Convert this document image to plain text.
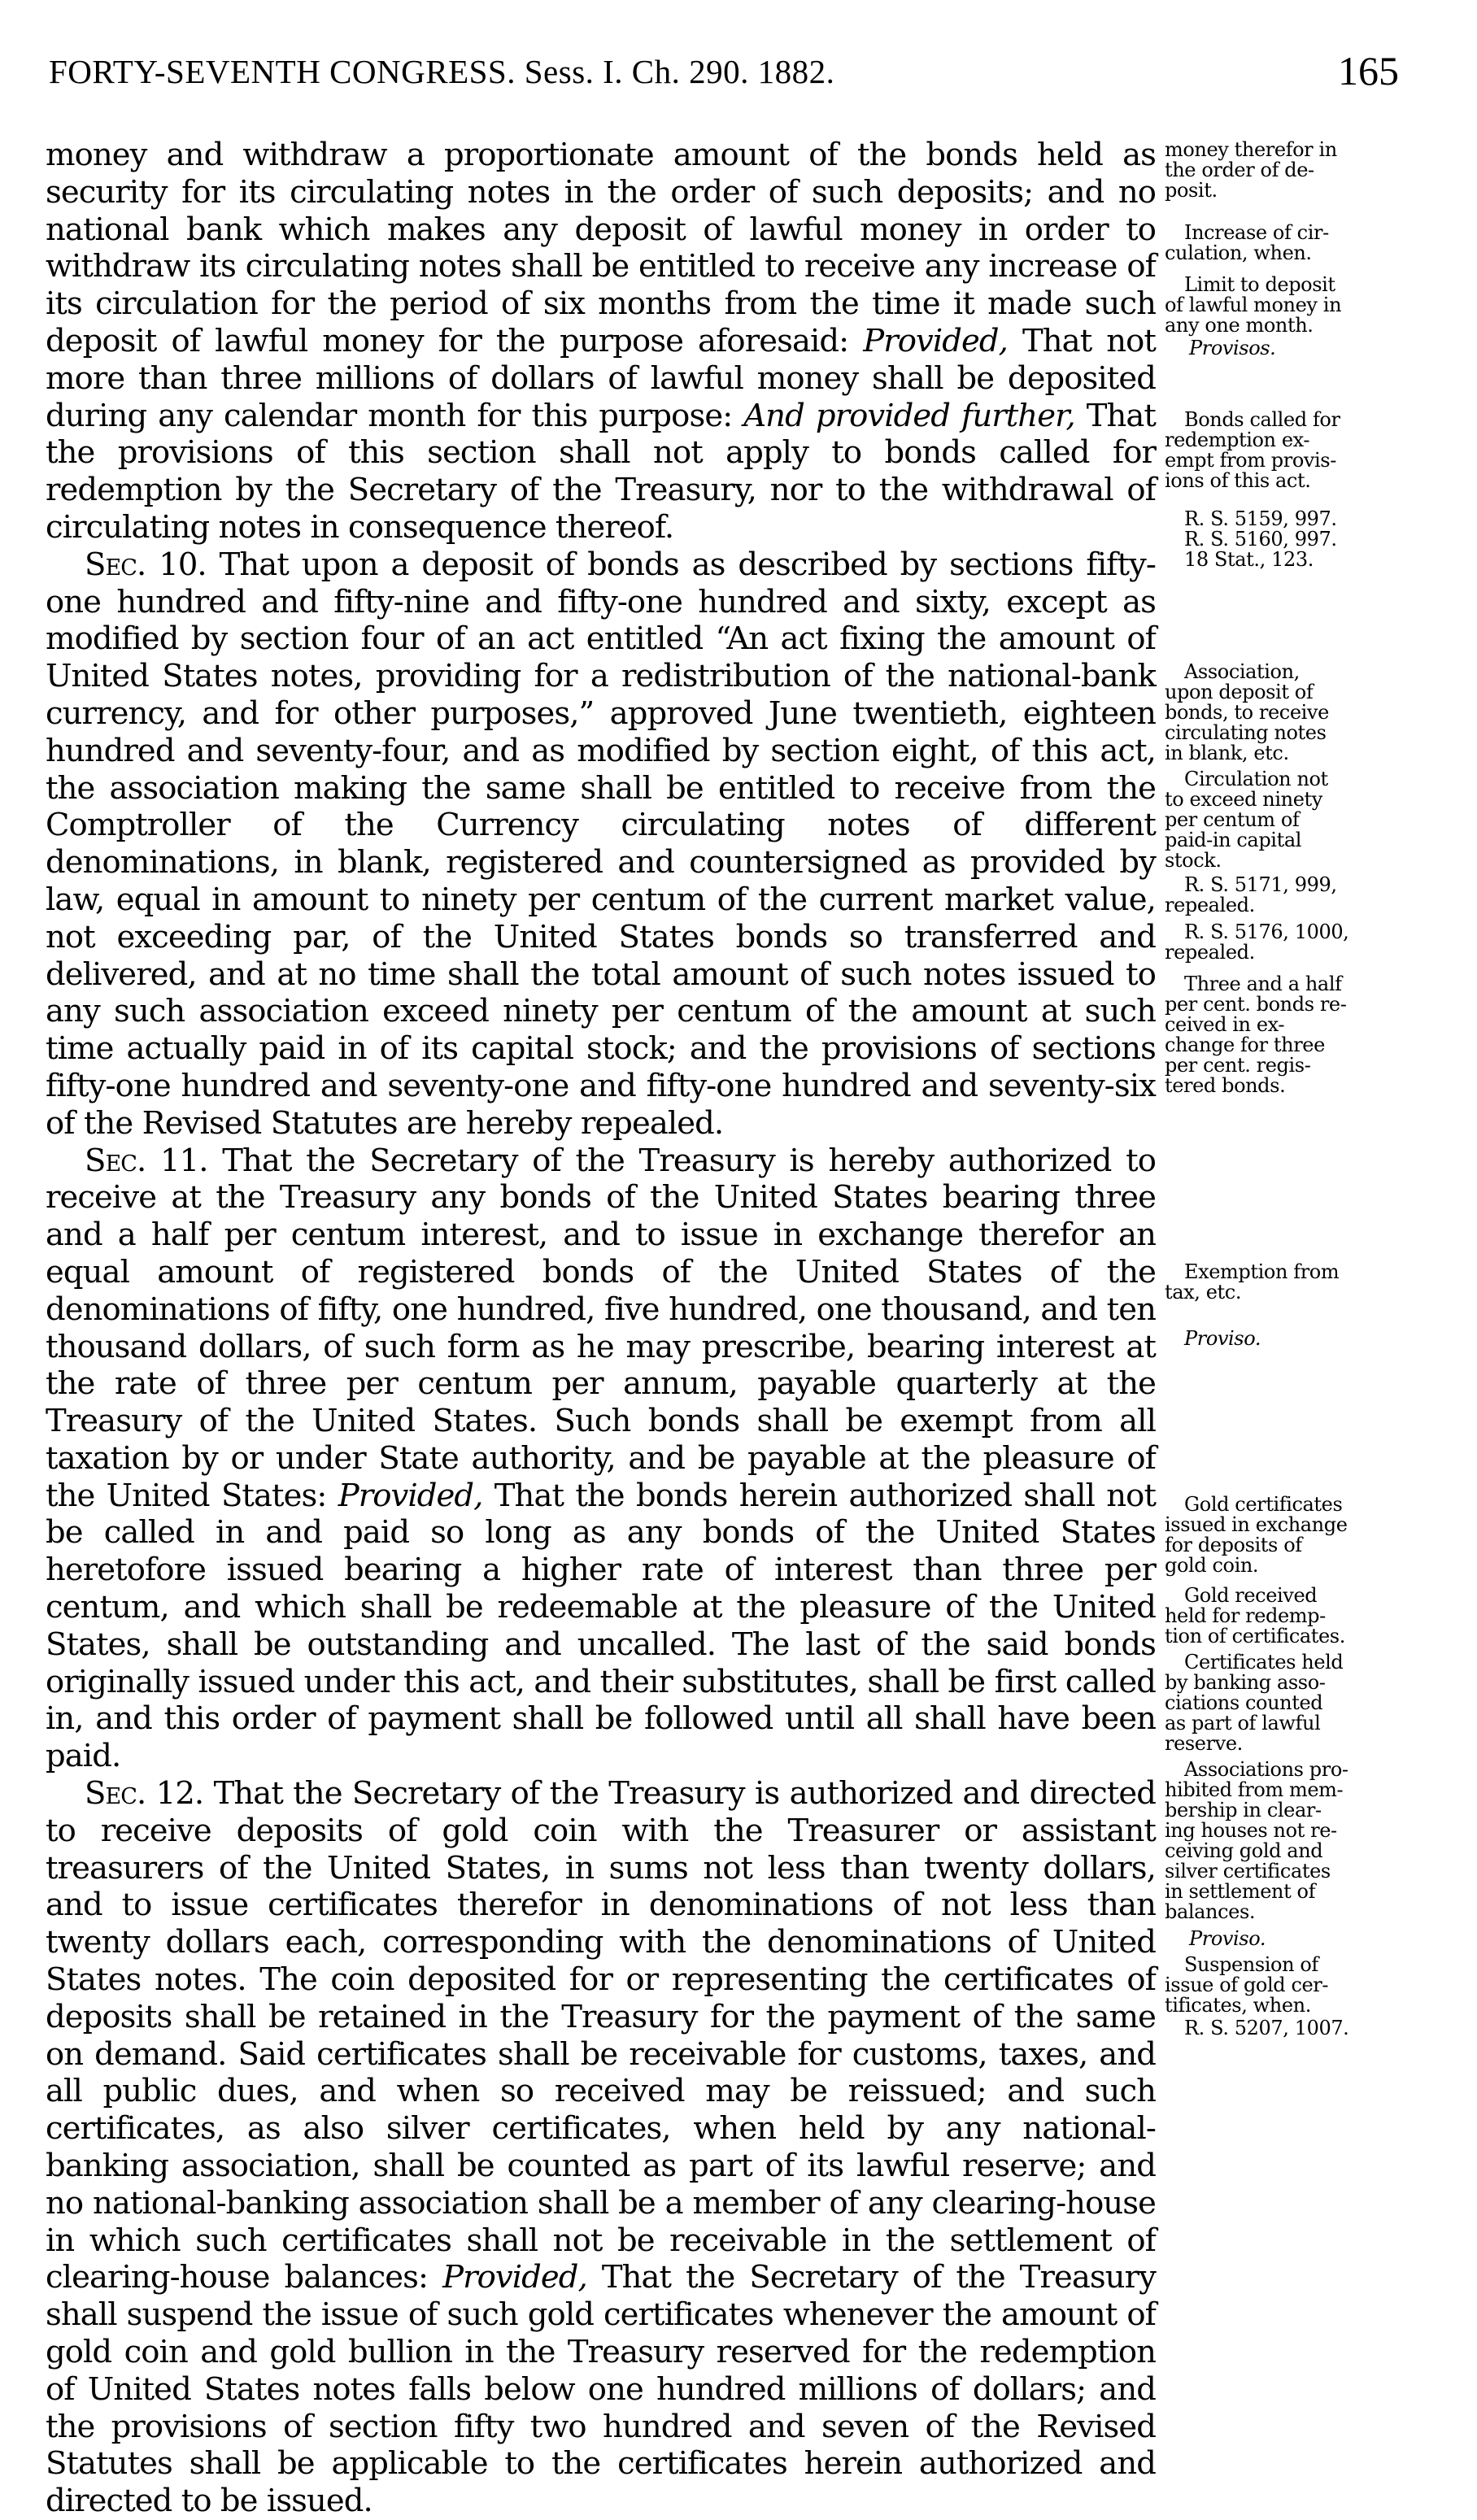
FORTY-SEVENTH CONGRESS. Sess. I. Ch. 290. 1882.	165

money and withdraw a proportionate amount of the bonds held as security for its circulating notes in the order of such deposits; and no national bank which makes any deposit of lawful money in order to withdraw its circulating notes shall be entitled to receive any increase of its circulation for the period of six months from the time it made such deposit of lawful money for the purpose aforesaid: Provided, That not more than three millions of dollars of lawful money shall be deposited during any calendar month for this purpose: And provided further, That the provisions of this section shall not apply to bonds called for redemption by the Secretary of the Treasury, nor to the withdrawal of circulating notes in consequence thereof.

Sec. 10. That upon a deposit of bonds as described by sections fifty-one hundred and fifty-nine and fifty-one hundred and sixty, except as modified by section four of an act entitled “An act fixing the amount of United States notes, providing for a redistribution of the national-bank currency, and for other purposes,” approved June twentieth, eighteen hundred and seventy-four, and as modified by section eight, of this act, the association making the same shall be entitled to receive from the Comptroller of the Currency circulating notes of different denominations, in blank, registered and countersigned as provided by law, equal in amount to ninety per centum of the current market value, not exceeding par, of the United States bonds so transferred and delivered, and at no time shall the total amount of such notes issued to any such association exceed ninety per centum of the amount at such time actually paid in of its capital stock; and the provisions of sections fifty-one hundred and seventy-one and fifty-one hundred and seventy-six of the Revised Statutes are hereby repealed.

Sec. 11. That the Secretary of the Treasury is hereby authorized to receive at the Treasury any bonds of the United States bearing three and a half per centum interest, and to issue in exchange therefor an equal amount of registered bonds of the United States of the denominations of fifty, one hundred, five hundred, one thousand, and ten thousand dollars, of such form as he may prescribe, bearing interest at the rate of three per centum per annum, payable quarterly at the Treasury of the United States. Such bonds shall be exempt from all taxation by or under State authority, and be payable at the pleasure of the United States: Provided, That the bonds herein authorized shall not be called in and paid so long as any bonds of the United States heretofore issued bearing a higher rate of interest than three per centum, and which shall be redeemable at the pleasure of the United States, shall be outstanding and uncalled. The last of the said bonds originally issued under this act, and their substitutes, shall be first called in, and this order of payment shall be followed until all shall have been paid.

Sec. 12. That the Secretary of the Treasury is authorized and directed to receive deposits of gold coin with the Treasurer or assistant treasurers of the United States, in sums not less than twenty dollars, and to issue certificates therefor in denominations of not less than twenty dollars each, corresponding with the denominations of United States notes. The coin deposited for or representing the certificates of deposits shall be retained in the Treasury for the payment of the same on demand. Said certificates shall be receivable for customs, taxes, and all public dues, and when so received may be reissued; and such certificates, as also silver certificates, when held by any national-banking association, shall be counted as part of its lawful reserve; and no national-banking association shall be a member of any clearing-house in which such certificates shall not be receivable in the settlement of clearing-house balances: Provided, That the Secretary of the Treasury shall suspend the issue of such gold certificates whenever the amount of gold coin and gold bullion in the Treasury reserved for the redemption of United States notes falls below one hundred millions of dollars; and the provisions of section fifty two hundred and seven of the Revised Statutes shall be applicable to the certificates herein authorized and directed to be issued.

money therefor in
the order of de-
posit.
Increase of cir-
culation, when.
Limit to deposit
of lawful money in
any one month.
Provisos.
Bonds called for
redemption ex-
empt from provis-
ions of this act.
R. S. 5159, 997.
R. S. 5160, 997.
18 Stat., 123.
Association,
upon deposit of
bonds, to receive
circulating notes
in blank, etc.
Circulation not
to exceed ninety
per centum of
paid-in capital
stock.
R. S. 5171, 999,
repealed.
R. S. 5176, 1000,
repealed.
Three and a half
per cent. bonds re-
ceived in ex-
change for three
per cent. regis-
tered bonds.
Exemption from
tax, etc.
Proviso.
Gold certificates
issued in exchange
for deposits of
gold coin.
Gold received
held for redemp-
tion of certificates.
Certificates held
by banking asso-
ciations counted
as part of lawful
reserve.
Associations pro-
hibited from mem-
bership in clear-
ing houses not re-
ceiving gold and
silver certificates
in settlement of
balances.
Proviso.
Suspension of
issue of gold cer-
tificates, when.
R. S. 5207, 1007.
